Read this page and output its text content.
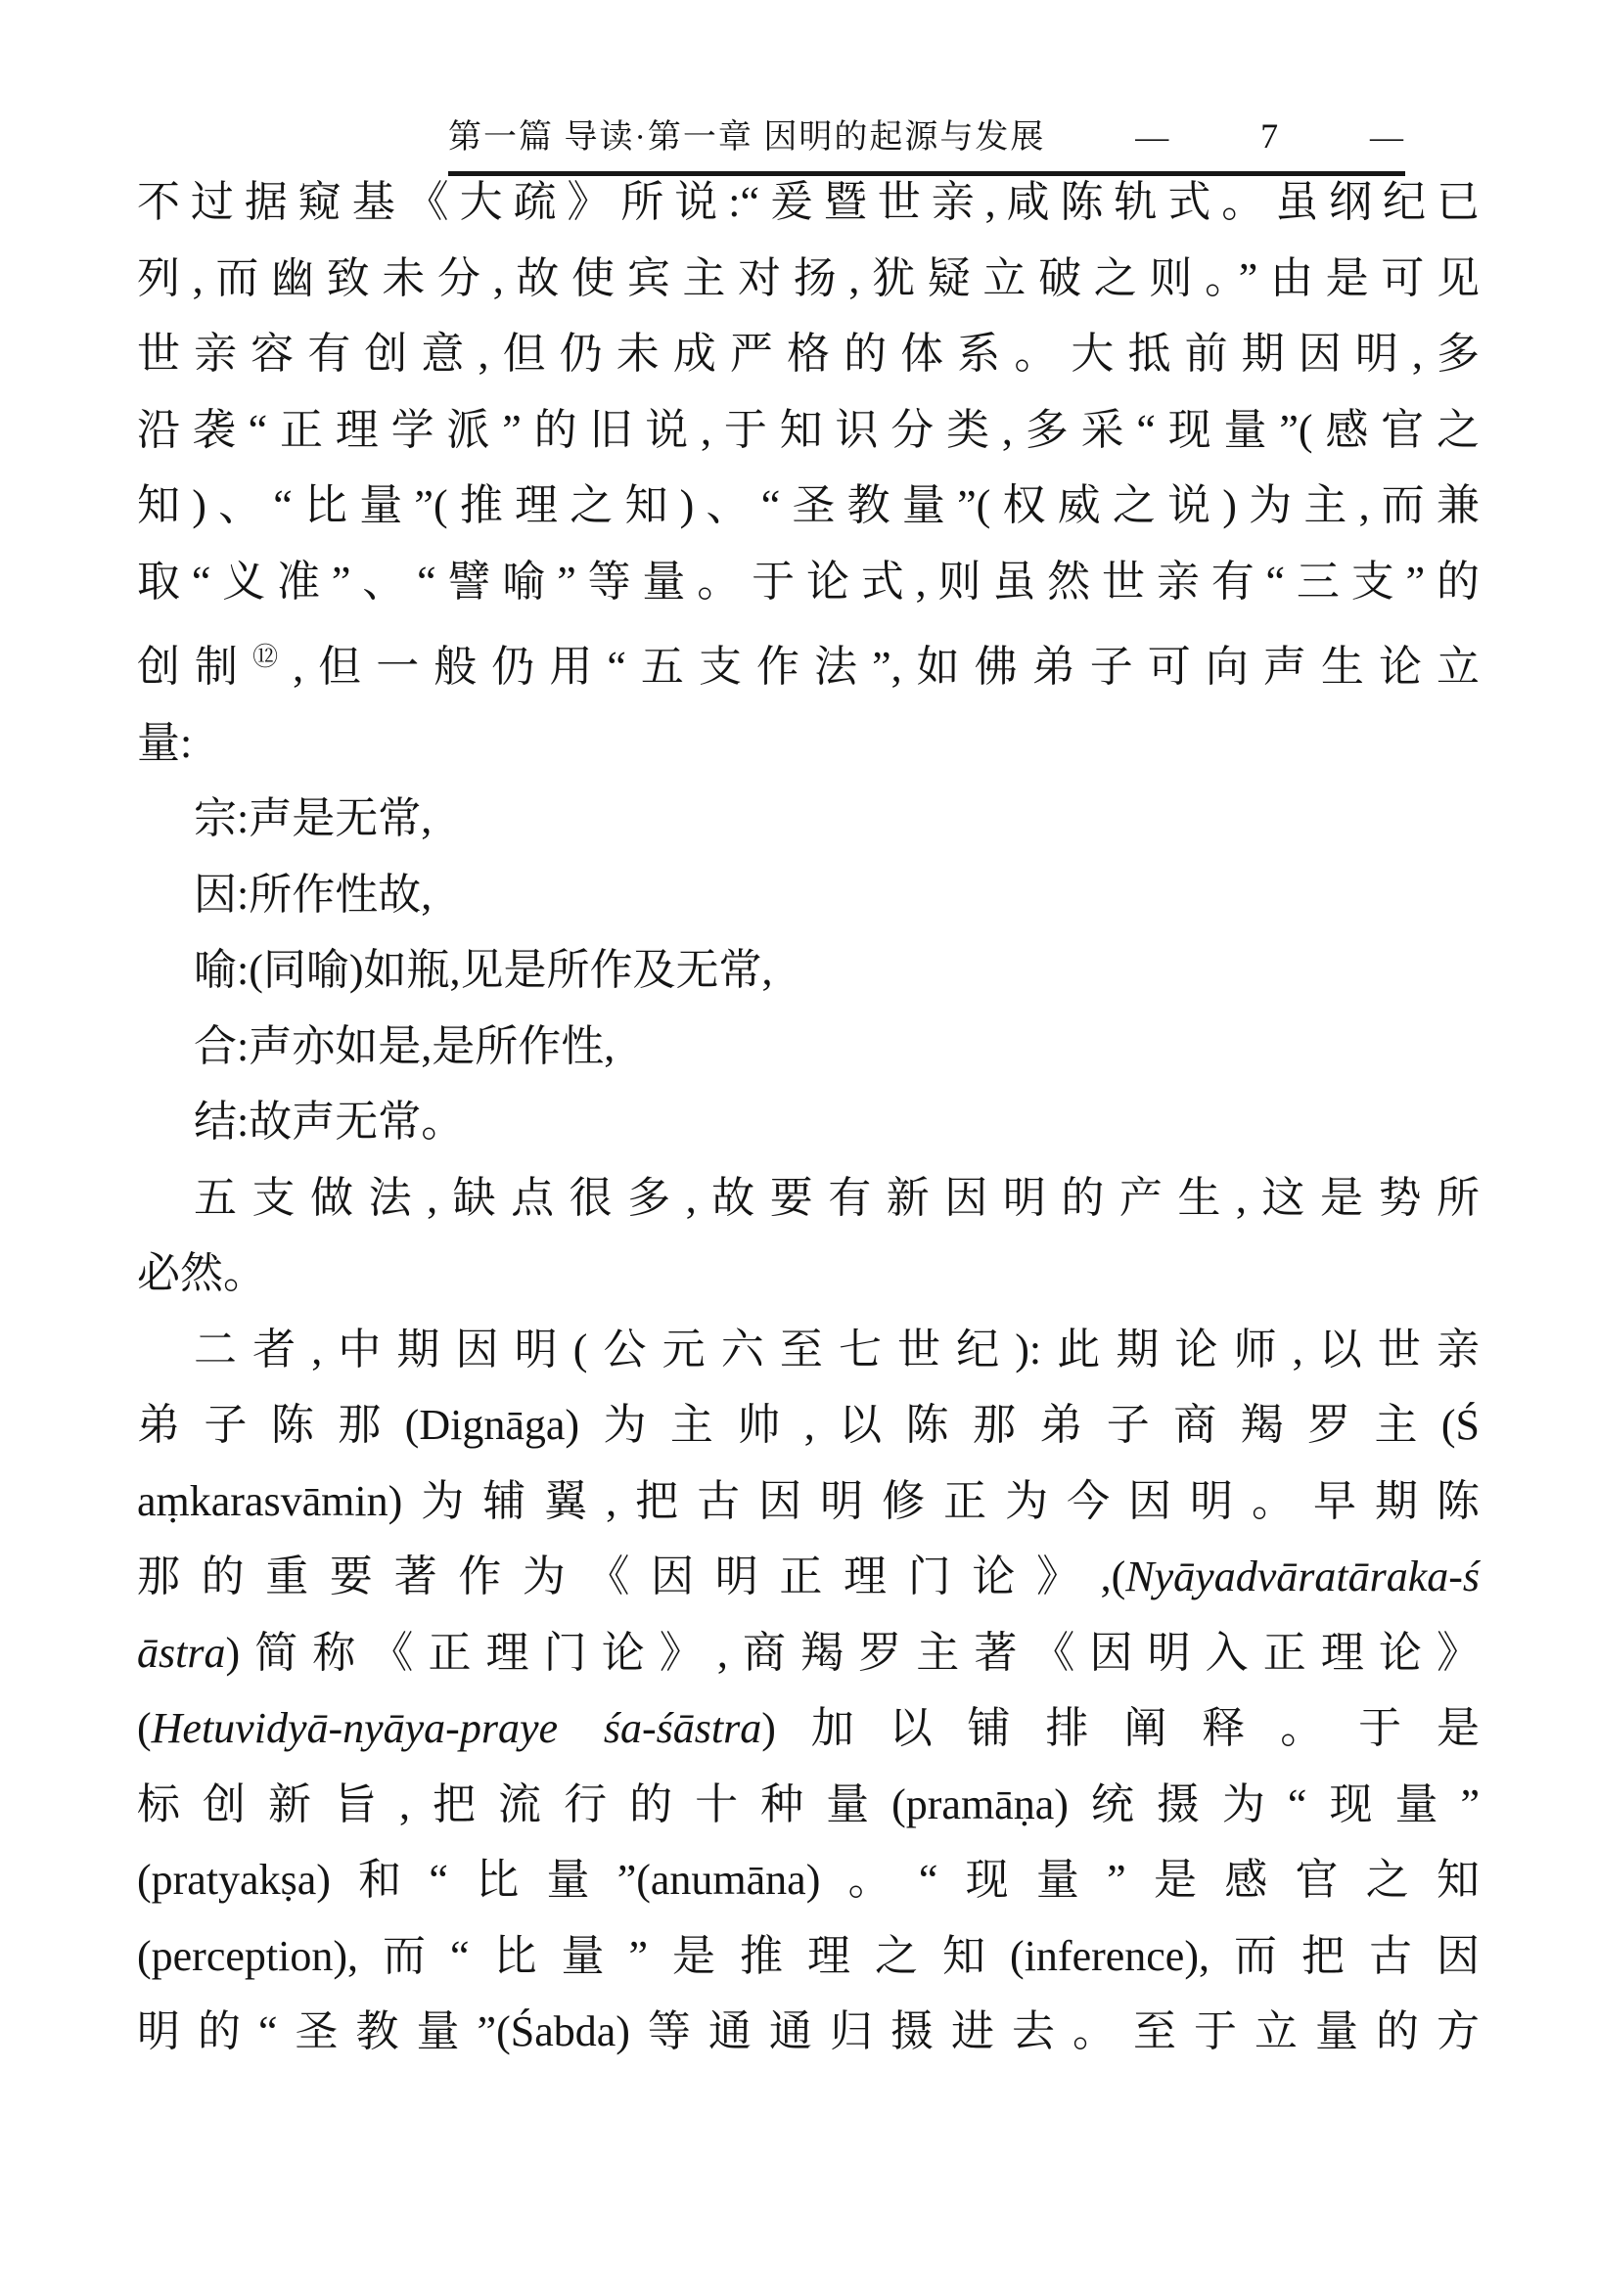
第一篇 导读·第一章 因明的起源与发展	—	7	—
不过据窥基《大疏》所说:“爰暨世亲,咸陈轨式。虽纲纪已
列,而幽致未分,故使宾主对扬,犹疑立破之则。”由是可见
世亲容有创意,但仍未成严格的体系。大抵前期因明,多
沿袭“正理学派”的旧说,于知识分类,多采“现量”(感官之
知)、“比量”(推理之知)、“圣教量”(权威之说)为主,而兼
取“义准”、“譬喻”等量。于论式,则虽然世亲有“三支”的
创制⑫,但一般仍用“五支作法”,如佛弟子可向声生论立
量:
宗:声是无常,
因:所作性故,
喻:(同喻)如瓶,见是所作及无常,
合:声亦如是,是所作性,
结:故声无常。
五支做法,缺点很多,故要有新因明的产生,这是势所
必然。
二者,中期因明(公元六至七世纪):此期论师,以世亲
弟子陈那(Dignāga)为主帅,以陈那弟子商羯罗主(Ś
aṃkarasvāmin)为辅翼,把古因明修正为今因明。早期陈
那的重要著作为《因明正理门论》,(Nyāyadvāratāraka-ś
āstra)简称《正理门论》,商羯罗主著《因明入正理论》
(Hetuvidyā-nyāya-praye śa-śāstra)加以铺排阐释。于是
标创新旨,把流行的十种量(pramāṇa)统摄为“现量”
(pratyakṣa)和“比量”(anumāna)。“现量”是感官之知
(perception),而“比量”是推理之知(inference),而把古因
明的“圣教量”(Śabda)等通通归摄进去。至于立量的方
